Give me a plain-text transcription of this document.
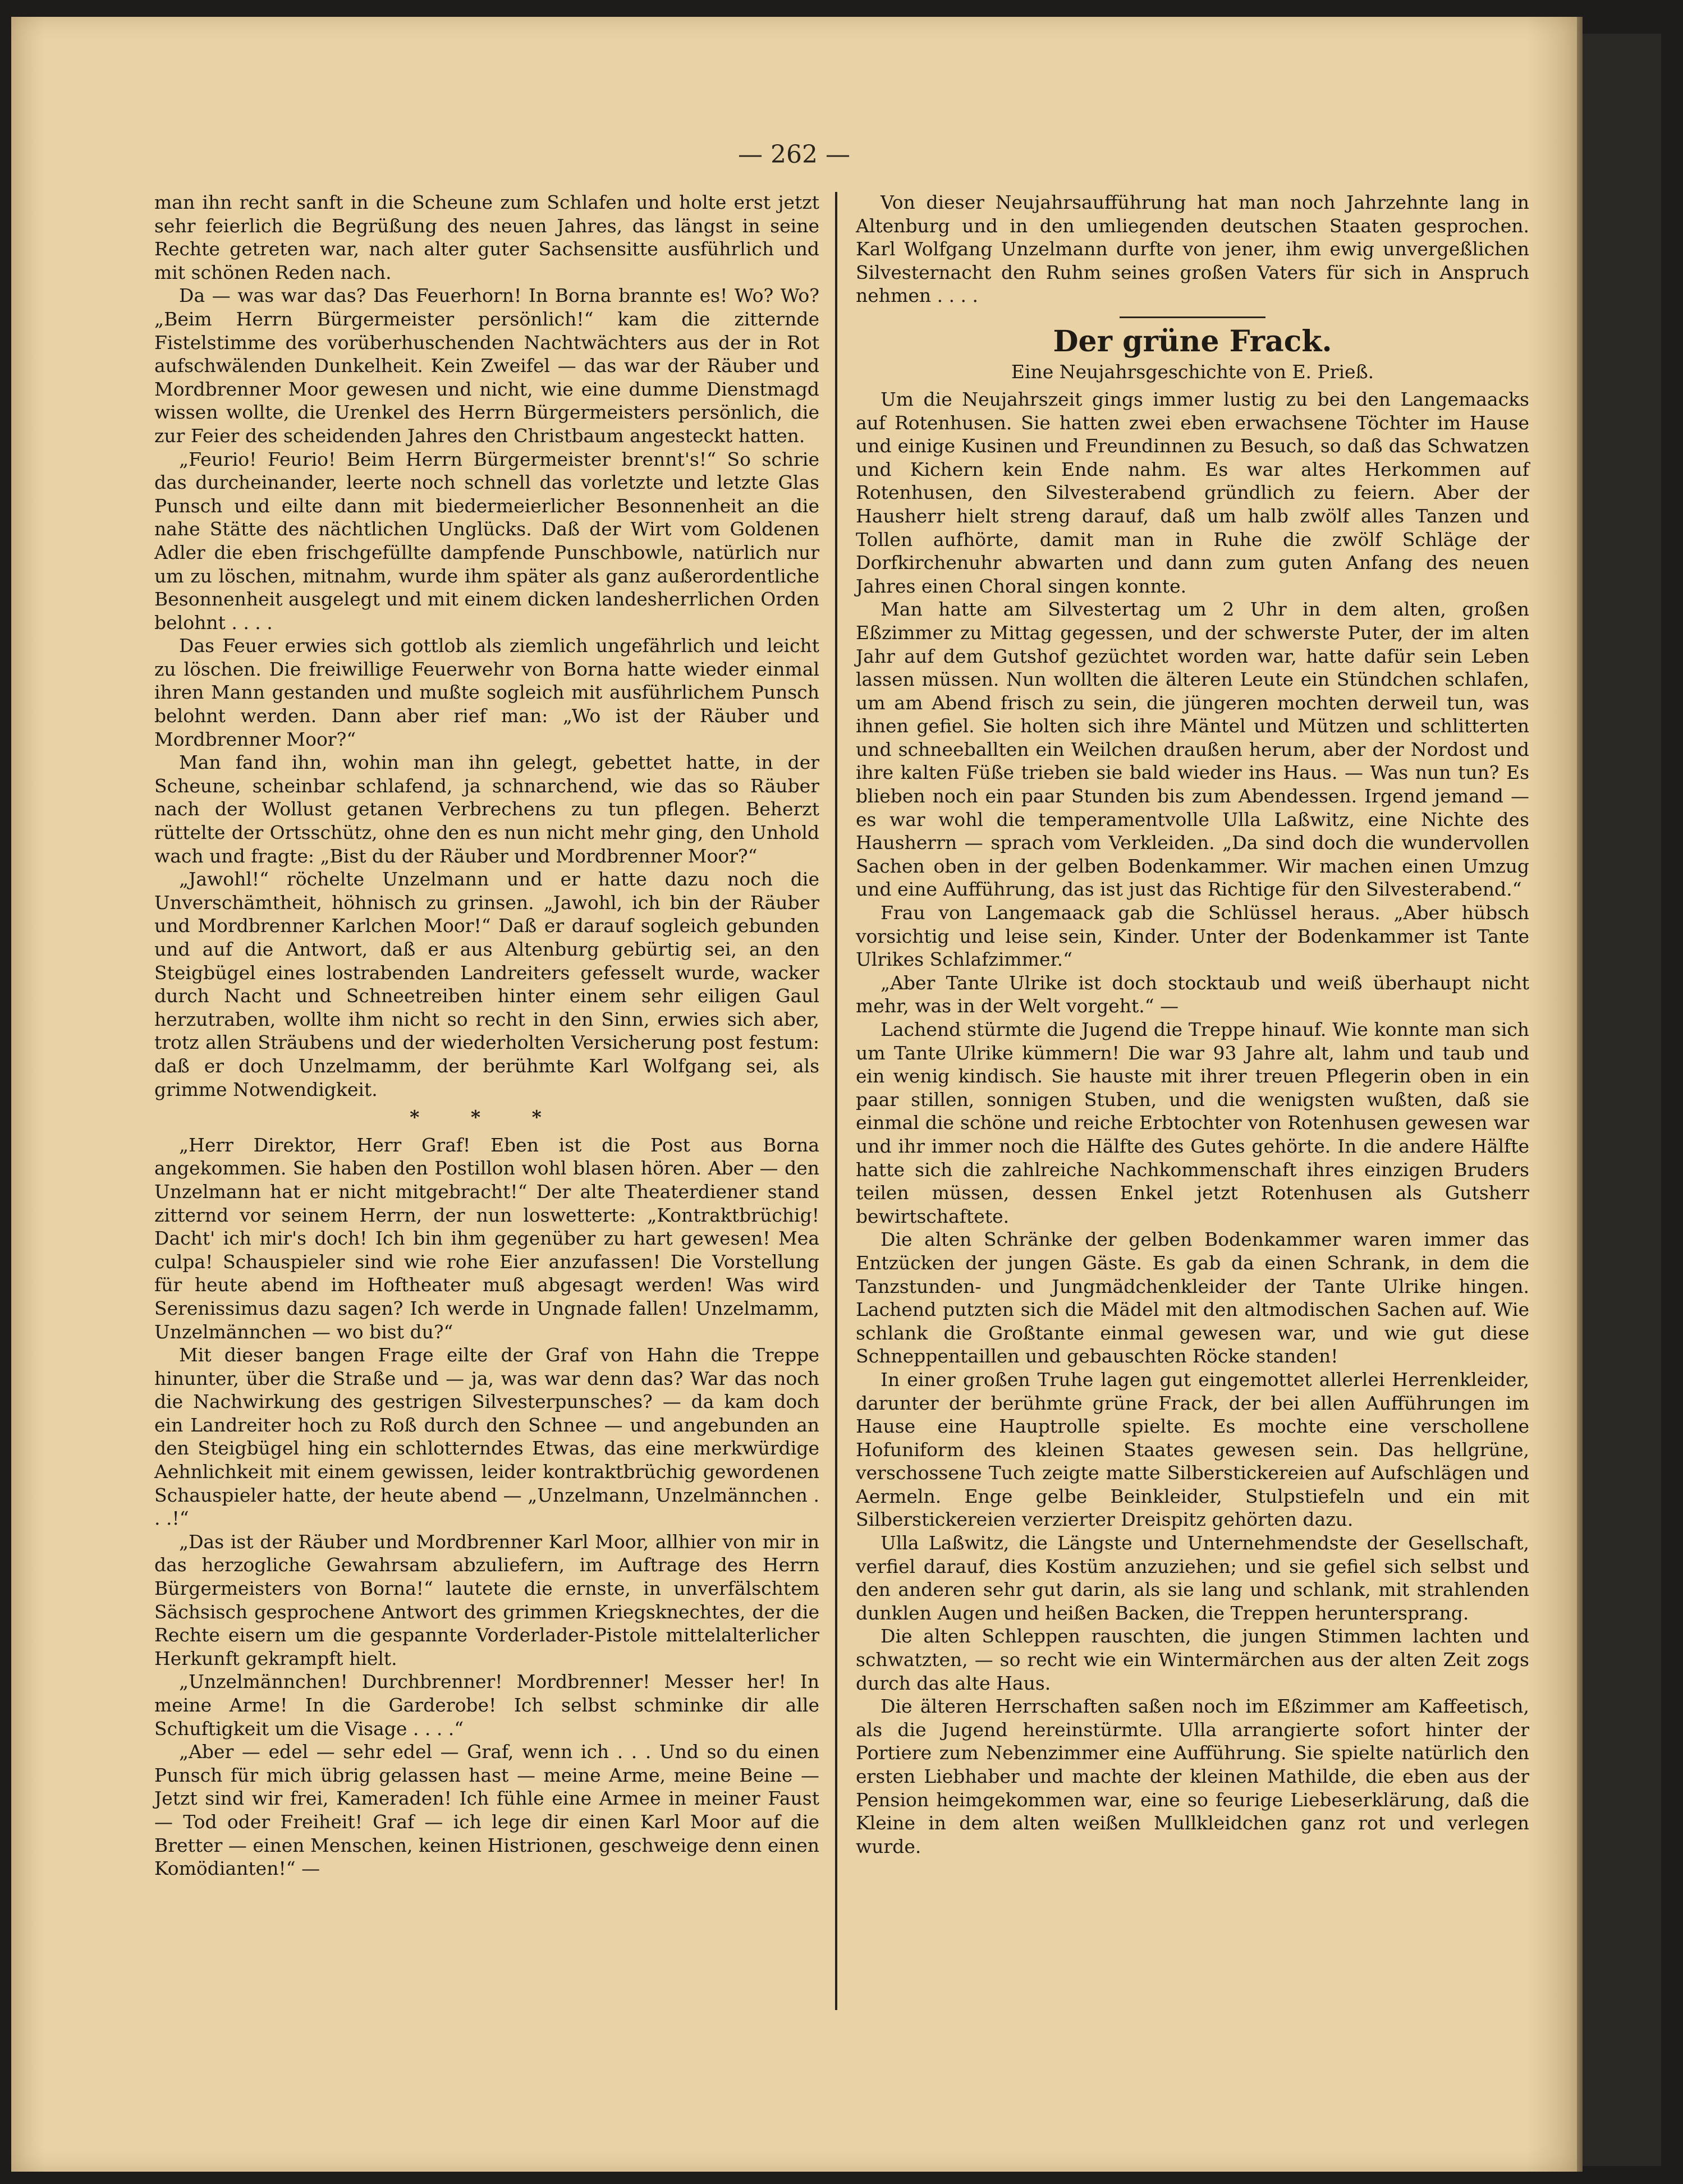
— 262 —

man ihn recht sanft in die Scheune zum Schlafen und holte erst jetzt sehr feierlich die Begrüßung des neuen Jahres, das längst in seine Rechte getreten war, nach alter guter Sachsensitte ausführlich und mit schönen Reden nach.

Da — was war das? Das Feuerhorn! In Borna brannte es! Wo? Wo? „Beim Herrn Bürgermeister persönlich!“ kam die zitternde Fistelstimme des vorüberhuschenden Nachtwächters aus der in Rot aufschwälenden Dunkelheit. Kein Zweifel — das war der Räuber und Mordbrenner Moor gewesen und nicht, wie eine dumme Dienstmagd wissen wollte, die Urenkel des Herrn Bürgermeisters persönlich, die zur Feier des scheidenden Jahres den Christbaum angesteckt hatten.

„Feurio! Feurio! Beim Herrn Bürgermeister brennt's!“ So schrie das durcheinander, leerte noch schnell das vorletzte und letzte Glas Punsch und eilte dann mit biedermeierlicher Besonnenheit an die nahe Stätte des nächtlichen Unglücks. Daß der Wirt vom Goldenen Adler die eben frischgefüllte dampfende Punschbowle, natürlich nur um zu löschen, mitnahm, wurde ihm später als ganz außerordentliche Besonnenheit ausgelegt und mit einem dicken landesherrlichen Orden belohnt . . . .

Das Feuer erwies sich gottlob als ziemlich ungefährlich und leicht zu löschen. Die freiwillige Feuerwehr von Borna hatte wieder einmal ihren Mann gestanden und mußte sogleich mit ausführlichem Punsch belohnt werden. Dann aber rief man: „Wo ist der Räuber und Mordbrenner Moor?“

Man fand ihn, wohin man ihn gelegt, gebettet hatte, in der Scheune, scheinbar schlafend, ja schnarchend, wie das so Räuber nach der Wollust getanen Verbrechens zu tun pflegen. Beherzt rüttelte der Ortsschütz, ohne den es nun nicht mehr ging, den Unhold wach und fragte: „Bist du der Räuber und Mordbrenner Moor?“

„Jawohl!“ röchelte Unzelmann und er hatte dazu noch die Unverschämtheit, höhnisch zu grinsen. „Jawohl, ich bin der Räuber und Mordbrenner Karlchen Moor!“ Daß er darauf sogleich gebunden und auf die Antwort, daß er aus Altenburg gebürtig sei, an den Steigbügel eines lostrabenden Landreiters gefesselt wurde, wacker durch Nacht und Schneetreiben hinter einem sehr eiligen Gaul herzutraben, wollte ihm nicht so recht in den Sinn, erwies sich aber, trotz allen Sträubens und der wiederholten Versicherung post festum: daß er doch Unzelmamm, der berühmte Karl Wolfgang sei, als grimme Notwendigkeit.

* * *

„Herr Direktor, Herr Graf! Eben ist die Post aus Borna angekommen. Sie haben den Postillon wohl blasen hören. Aber — den Unzelmann hat er nicht mitgebracht!“ Der alte Theaterdiener stand zitternd vor seinem Herrn, der nun loswetterte: „Kontraktbrüchig! Dacht' ich mir's doch! Ich bin ihm gegenüber zu hart gewesen! Mea culpa! Schauspieler sind wie rohe Eier anzufassen! Die Vorstellung für heute abend im Hoftheater muß abgesagt werden! Was wird Serenissimus dazu sagen? Ich werde in Ungnade fallen! Unzelmamm, Unzelmännchen — wo bist du?“

Mit dieser bangen Frage eilte der Graf von Hahn die Treppe hinunter, über die Straße und — ja, was war denn das? War das noch die Nachwirkung des gestrigen Silvesterpunsches? — da kam doch ein Landreiter hoch zu Roß durch den Schnee — und angebunden an den Steigbügel hing ein schlotterndes Etwas, das eine merkwürdige Aehnlichkeit mit einem gewissen, leider kontraktbrüchig gewordenen Schauspieler hatte, der heute abend — „Unzelmann, Unzelmännchen . . .!“

„Das ist der Räuber und Mordbrenner Karl Moor, allhier von mir in das herzogliche Gewahrsam abzuliefern, im Auftrage des Herrn Bürgermeisters von Borna!“ lautete die ernste, in unverfälschtem Sächsisch gesprochene Antwort des grimmen Kriegsknechtes, der die Rechte eisern um die gespannte Vorderlader-Pistole mittelalterlicher Herkunft gekrampft hielt.

„Unzelmännchen! Durchbrenner! Mordbrenner! Messer her! In meine Arme! In die Garderobe! Ich selbst schminke dir alle Schuftigkeit um die Visage . . . .“

„Aber — edel — sehr edel — Graf, wenn ich . . . Und so du einen Punsch für mich übrig gelassen hast — meine Arme, meine Beine — Jetzt sind wir frei, Kameraden! Ich fühle eine Armee in meiner Faust — Tod oder Freiheit! Graf — ich lege dir einen Karl Moor auf die Bretter — einen Menschen, keinen Histrionen, geschweige denn einen Komödianten!“ —

Von dieser Neujahrsaufführung hat man noch Jahrzehnte lang in Altenburg und in den umliegenden deutschen Staaten gesprochen. Karl Wolfgang Unzelmann durfte von jener, ihm ewig unvergeßlichen Silvesternacht den Ruhm seines großen Vaters für sich in Anspruch nehmen . . . .

Der grüne Frack.
Eine Neujahrsgeschichte von E. Prieß.

Um die Neujahrszeit gings immer lustig zu bei den Langemaacks auf Rotenhusen. Sie hatten zwei eben erwachsene Töchter im Hause und einige Kusinen und Freundinnen zu Besuch, so daß das Schwatzen und Kichern kein Ende nahm. Es war altes Herkommen auf Rotenhusen, den Silvesterabend gründlich zu feiern. Aber der Hausherr hielt streng darauf, daß um halb zwölf alles Tanzen und Tollen aufhörte, damit man in Ruhe die zwölf Schläge der Dorfkirchenuhr abwarten und dann zum guten Anfang des neuen Jahres einen Choral singen konnte.

Man hatte am Silvestertag um 2 Uhr in dem alten, großen Eßzimmer zu Mittag gegessen, und der schwerste Puter, der im alten Jahr auf dem Gutshof gezüchtet worden war, hatte dafür sein Leben lassen müssen. Nun wollten die älteren Leute ein Stündchen schlafen, um am Abend frisch zu sein, die jüngeren mochten derweil tun, was ihnen gefiel. Sie holten sich ihre Mäntel und Mützen und schlitterten und schneeballten ein Weilchen draußen herum, aber der Nordost und ihre kalten Füße trieben sie bald wieder ins Haus. — Was nun tun? Es blieben noch ein paar Stunden bis zum Abendessen. Irgend jemand — es war wohl die temperamentvolle Ulla Laßwitz, eine Nichte des Hausherrn — sprach vom Verkleiden. „Da sind doch die wundervollen Sachen oben in der gelben Bodenkammer. Wir machen einen Umzug und eine Aufführung, das ist just das Richtige für den Silvesterabend.“

Frau von Langemaack gab die Schlüssel heraus. „Aber hübsch vorsichtig und leise sein, Kinder. Unter der Bodenkammer ist Tante Ulrikes Schlafzimmer.“

„Aber Tante Ulrike ist doch stocktaub und weiß überhaupt nicht mehr, was in der Welt vorgeht.“ —

Lachend stürmte die Jugend die Treppe hinauf. Wie konnte man sich um Tante Ulrike kümmern! Die war 93 Jahre alt, lahm und taub und ein wenig kindisch. Sie hauste mit ihrer treuen Pflegerin oben in ein paar stillen, sonnigen Stuben, und die wenigsten wußten, daß sie einmal die schöne und reiche Erbtochter von Rotenhusen gewesen war und ihr immer noch die Hälfte des Gutes gehörte. In die andere Hälfte hatte sich die zahlreiche Nachkommenschaft ihres einzigen Bruders teilen müssen, dessen Enkel jetzt Rotenhusen als Gutsherr bewirtschaftete.

Die alten Schränke der gelben Bodenkammer waren immer das Entzücken der jungen Gäste. Es gab da einen Schrank, in dem die Tanzstunden- und Jungmädchenkleider der Tante Ulrike hingen. Lachend putzten sich die Mädel mit den altmodischen Sachen auf. Wie schlank die Großtante einmal gewesen war, und wie gut diese Schneppentaillen und gebauschten Röcke standen!

In einer großen Truhe lagen gut eingemottet allerlei Herrenkleider, darunter der berühmte grüne Frack, der bei allen Aufführungen im Hause eine Hauptrolle spielte. Es mochte eine verschollene Hofuniform des kleinen Staates gewesen sein. Das hellgrüne, verschossene Tuch zeigte matte Silberstickereien auf Aufschlägen und Aermeln. Enge gelbe Beinkleider, Stulpstiefeln und ein mit Silberstickereien verzierter Dreispitz gehörten dazu.

Ulla Laßwitz, die Längste und Unternehmendste der Gesellschaft, verfiel darauf, dies Kostüm anzuziehen; und sie gefiel sich selbst und den anderen sehr gut darin, als sie lang und schlank, mit strahlenden dunklen Augen und heißen Backen, die Treppen heruntersprang.

Die alten Schleppen rauschten, die jungen Stimmen lachten und schwatzten, — so recht wie ein Wintermärchen aus der alten Zeit zogs durch das alte Haus.

Die älteren Herrschaften saßen noch im Eßzimmer am Kaffeetisch, als die Jugend hereinstürmte. Ulla arrangierte sofort hinter der Portiere zum Nebenzimmer eine Aufführung. Sie spielte natürlich den ersten Liebhaber und machte der kleinen Mathilde, die eben aus der Pension heimgekommen war, eine so feurige Liebeserklärung, daß die Kleine in dem alten weißen Mullkleidchen ganz rot und verlegen wurde.
